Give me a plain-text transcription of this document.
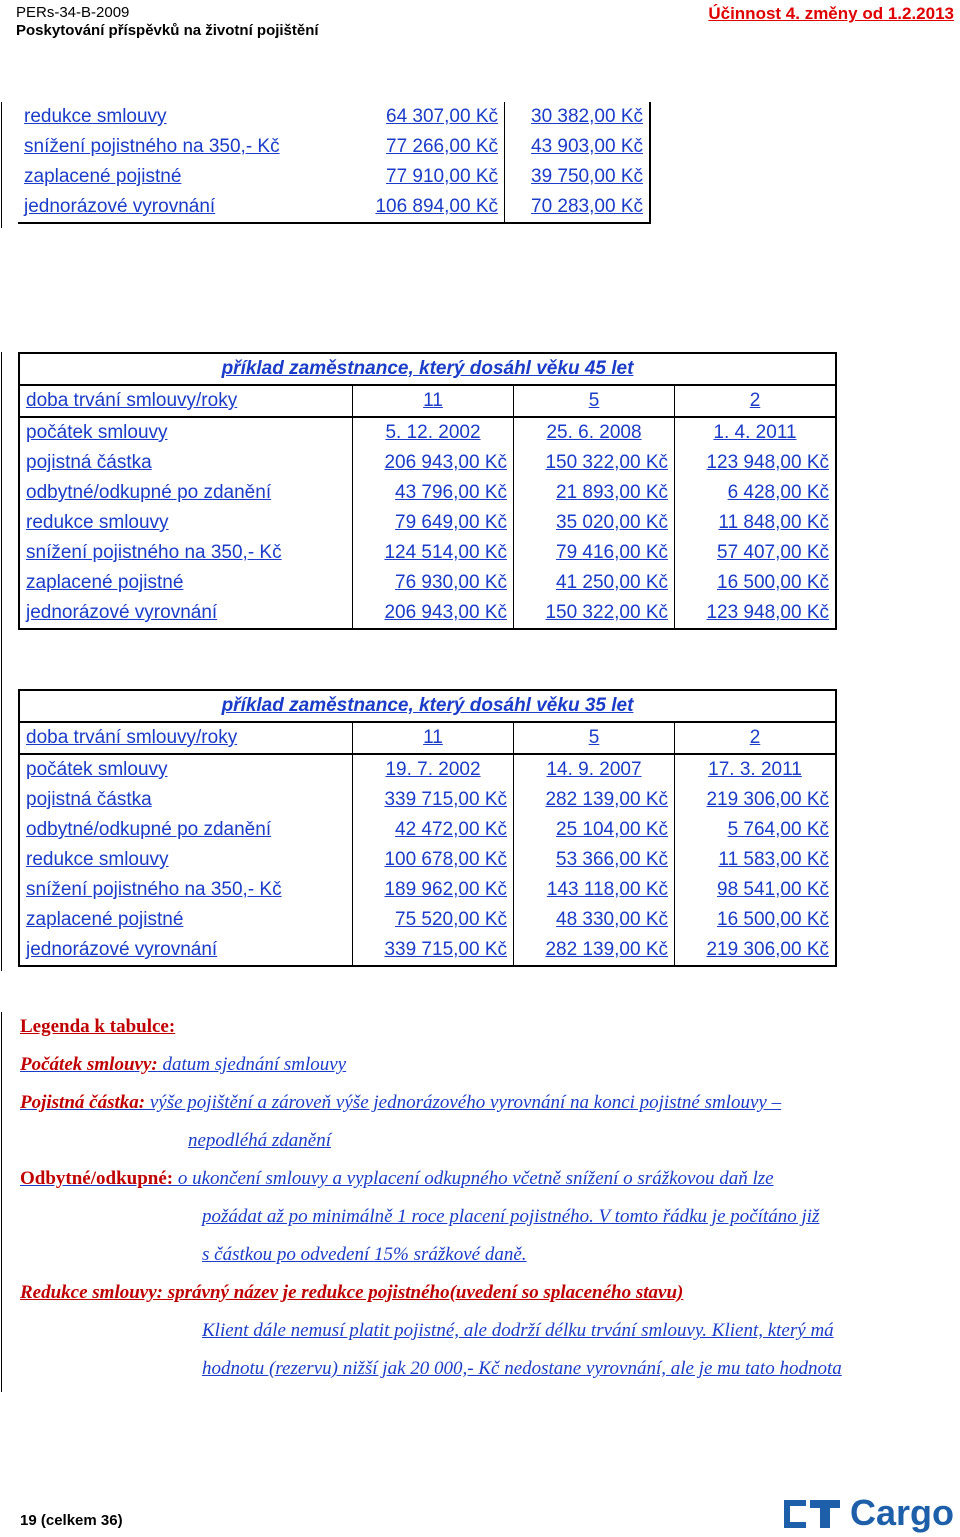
PERs-34-B-2009
Poskytování příspěvků na životní pojištění
Účinnost 4. změny od 1.2.2013
redukce smlouvy	64 307,00 Kč	30 382,00 Kč
snížení pojistného na 350,- Kč	77 266,00 Kč	43 903,00 Kč
zaplacené pojistné	77 910,00 Kč	39 750,00 Kč
jednorázové vyrovnání	106 894,00 Kč	70 283,00 Kč
příklad zaměstnance, který dosáhl věku 45 let			
doba trvání smlouvy/roky	11	5	2
počátek smlouvy	5. 12. 2002	25. 6. 2008	1. 4. 2011
pojistná částka	206 943,00 Kč	150 322,00 Kč	123 948,00 Kč
odbytné/odkupné po zdanění	43 796,00 Kč	21 893,00 Kč	6 428,00 Kč
redukce smlouvy	79 649,00 Kč	35 020,00 Kč	11 848,00 Kč
snížení pojistného na 350,- Kč	124 514,00 Kč	79 416,00 Kč	57 407,00 Kč
zaplacené pojistné	76 930,00 Kč	41 250,00 Kč	16 500,00 Kč
jednorázové vyrovnání	206 943,00 Kč	150 322,00 Kč	123 948,00 Kč
příklad zaměstnance, který dosáhl věku 35 let			
doba trvání smlouvy/roky	11	5	2
počátek smlouvy	19. 7. 2002	14. 9. 2007	17. 3. 2011
pojistná částka	339 715,00 Kč	282 139,00 Kč	219 306,00 Kč
odbytné/odkupné po zdanění	42 472,00 Kč	25 104,00 Kč	5 764,00 Kč
redukce smlouvy	100 678,00 Kč	53 366,00 Kč	11 583,00 Kč
snížení pojistného na 350,- Kč	189 962,00 Kč	143 118,00 Kč	98 541,00 Kč
zaplacené pojistné	75 520,00 Kč	48 330,00 Kč	16 500,00 Kč
jednorázové vyrovnání	339 715,00 Kč	282 139,00 Kč	219 306,00 Kč
Legenda k tabulce:
Počátek smlouvy: datum sjednání smlouvy
Pojistná částka: výše pojištění a zároveň výše jednorázového vyrovnání na konci pojistné smlouvy –
nepodléhá zdanění
Odbytné/odkupné: o ukončení smlouvy a vyplacení odkupného včetně snížení o srážkovou daň lze
požádat až po minimálně 1 roce placení pojistného. V tomto řádku je počítáno již
s částkou po odvedení 15% srážkové daně.
Redukce smlouvy: správný název je redukce pojistného(uvedení so splaceného stavu)
Klient dále nemusí platit pojistné, ale dodrží délku trvání smlouvy. Klient, který má
hodnotu (rezervu) nižší jak 20 000,- Kč nedostane vyrovnání, ale je mu tato hodnota
19 (celkem 36)	Cargo
